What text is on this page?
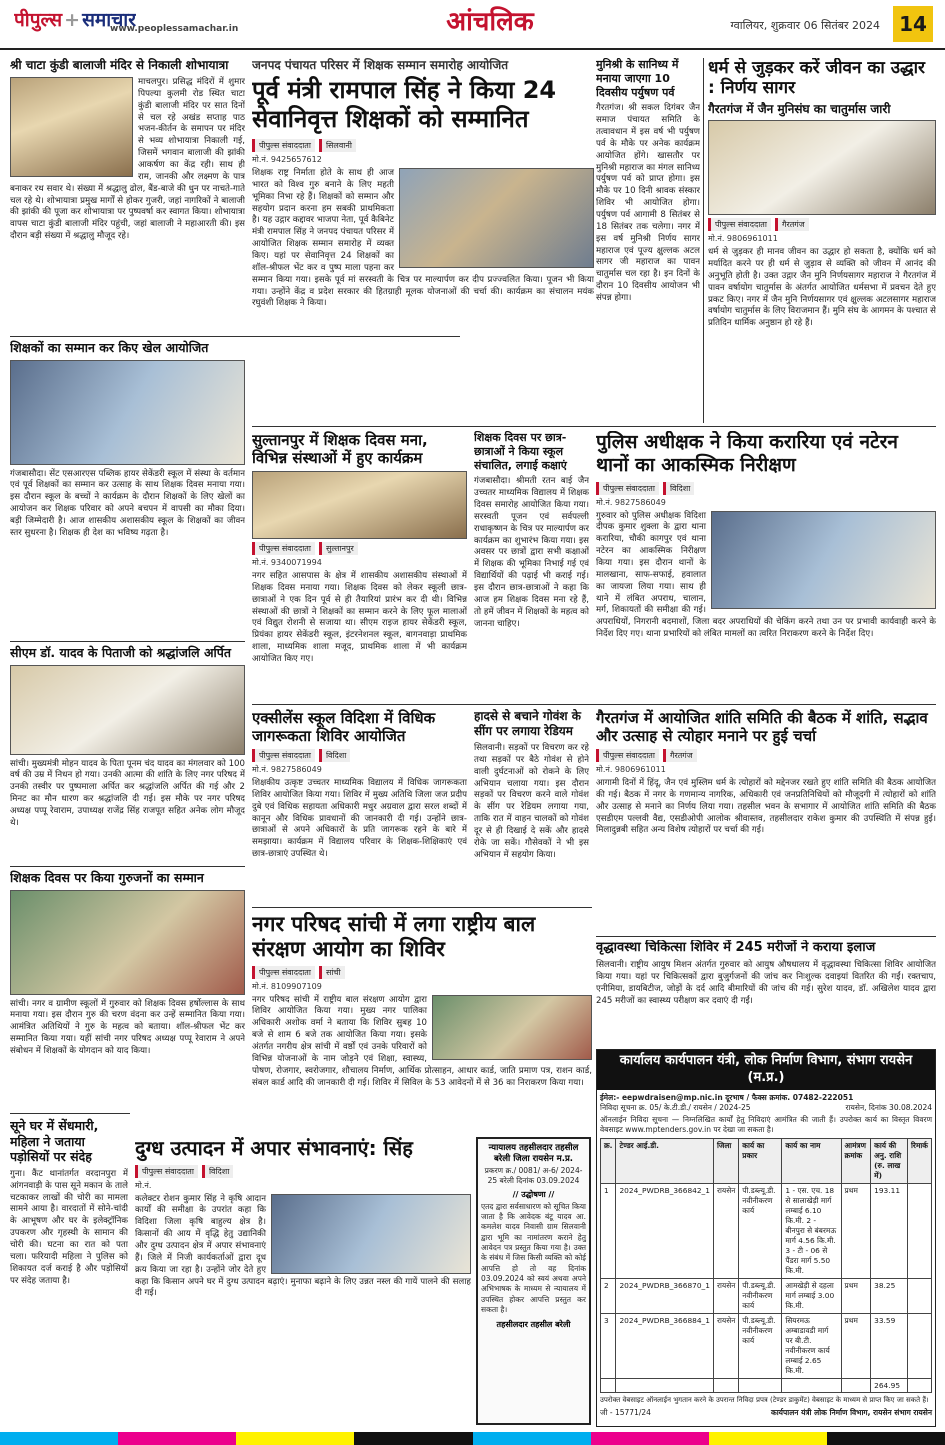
पीपुल्स + समाचार
www.peoplessamachar.in	आंचलिक	ग्वालियर, शुक्रवार 06 सितंबर 2024 14
श्री चाटा कुंडी बालाजी मंदिर से निकाली शोभायात्रा
माचलपुर। प्रसिद्ध मंदिरों में शुमार पिपल्या कुलमी रोड स्थित चाटा कुंडी बालाजी मंदिर पर सात दिनों से चल रहे अखंड सप्ताह पाठ भजन-कीर्तन के समापन पर मंदिर से भव्य शोभायात्रा निकाली गई, जिसमें भगवान बालाजी की झांकी आकर्षण का केंद्र रही। साथ ही राम, जानकी और लक्ष्मण के पात्र बनाकर रथ सवार थे। संख्या में श्रद्धालु ढोल, बैंड-बाजे की धुन पर नाचते-गाते चल रहे थे। शोभायात्रा प्रमुख मार्गों से होकर गुजरी, जहां नागरिकों ने बालाजी की झांकी की पूजा कर शोभायात्रा पर पुष्पवर्षा कर स्वागत किया। शोभायात्रा वापस चाटा कुंडी बालाजी मंदिर पहुंची, जहां बालाजी ने महाआरती की। इस दौरान बड़ी संख्या में श्रद्धालु मौजूद रहे।
शिक्षकों का सम्मान कर किए खेल आयोजित
गंजबासौदा। सेंट एसआरएस पब्लिक हायर सेकेंडरी स्कूल में संस्था के वर्तमान एवं पूर्व शिक्षकों का सम्मान कर उत्साह के साथ शिक्षक दिवस मनाया गया। इस दौरान स्कूल के बच्चों ने कार्यक्रम के दौरान शिक्षकों के लिए खेलों का आयोजन कर शिक्षक परिवार को अपने बचपन में वापसी का मौका दिया। बड़ी जिम्मेदारी है। आज शासकीय अशासकीय स्कूल के शिक्षकों का जीवन स्तर सुधरना है। शिक्षक ही देश का भविष्य गढ़ता है।
सीएम डॉ. यादव के पिताजी को श्रद्धांजलि अर्पित
सांची। मुख्यमंत्री मोहन यादव के पिता पूनम चंद यादव का मंगलवार को 100 वर्ष की उम्र में निधन हो गया। उनकी आत्मा की शांति के लिए नगर परिषद में उनकी तस्वीर पर पुष्पमाला अर्पित कर श्रद्धांजलि अर्पित की गई और 2 मिनट का मौन धारण कर श्रद्धांजलि दी गई। इस मौके पर नगर परिषद अध्यक्ष पप्पू रेवाराम, उपाध्यक्ष राजेंद्र सिंह राजपूत सहित अनेक लोग मौजूद थे।
शिक्षक दिवस पर किया गुरुजनों का सम्मान
सांची। नगर व ग्रामीण स्कूलों में गुरुवार को शिक्षक दिवस हर्षोल्लास के साथ मनाया गया। इस दौरान गुरु की चरण वंदना कर उन्हें सम्मानित किया गया। आमंत्रित अतिथियों ने गुरु के महत्व को बताया। शॉल-श्रीफल भेंट कर सम्मानित किया गया। यहीं सांची नगर परिषद अध्यक्ष पप्पू रेवाराम ने अपने संबोधन में शिक्षकों के योगदान को याद किया।
सूने घर में सेंधमारी, महिला ने जताया पड़ोसियों पर संदेह
गुना। कैंट थानांतर्गत वरदानपुरा में आंगनवाड़ी के पास सूने मकान के ताले चटकाकर लाखों की चोरी का मामला सामने आया है। वारदातों में सोने-चांदी के आभूषण और घर के इलेक्ट्रॉनिक उपकरण और गृहस्थी के सामान की चोरी की। घटना का रात को पता चला। फरियादी महिला ने पुलिस को शिकायत दर्ज कराई है और पड़ोसियों पर संदेह जताया है।
जनपद पंचायत परिसर में शिक्षक सम्मान समारोह आयोजित
पूर्व मंत्री रामपाल सिंह ने किया 24 सेवानिवृत्त शिक्षकों को सम्मानित
पीपुल्स संवाददाता सिलवानी
मो.नं. 9425657612
शिक्षक राष्ट्र निर्माता होते के साथ ही आज भारत को विश्व गुरु बनाने के लिए महती भूमिका निभा रहे हैं। शिक्षकों को सम्मान और सहयोग प्रदान करना हम सबकी प्राथमिकता है। यह उद्गार कद्दावर भाजपा नेता, पूर्व कैबिनेट मंत्री रामपाल सिंह ने जनपद पंचायत परिसर में आयोजित शिक्षक सम्मान समारोह में व्यक्त किए। यहां पर सेवानिवृत्त 24 शिक्षकों का शॉल-श्रीफल भेंट कर व पुष्प माला पहना कर सम्मान किया गया। इसके पूर्व मां सरस्वती के चित्र पर माल्यार्पण कर दीप प्रज्ज्वलित किया। पूजन भी किया गया। उन्होंने केंद्र व प्रदेश सरकार की हितग्राही मूलक योजनाओं की चर्चा की। कार्यक्रम का संचालन मयंक रघुवंशी शिक्षक ने किया।
मुनिश्री के सानिध्य में मनाया जाएगा 10 दिवसीय पर्युषण पर्व
गैरतगंज। श्री सकल दिगंबर जैन समाज पंचायत समिति के तत्वावधान में इस वर्ष भी पर्युषण पर्व के मौके पर अनेक कार्यक्रम आयोजित होंगे। खासतौर पर मुनिश्री महाराज का मंगल सानिध्य पर्युषण पर्व को प्राप्त होगा। इस मौके पर 10 दिनी श्रावक संस्कार शिविर भी आयोजित होगा। पर्युषण पर्व आगामी 8 सितंबर से 18 सितंबर तक चलेगा। नगर में इस वर्ष मुनिश्री निर्णय सागर महाराज एवं पूज्य क्षुल्लक अटल सागर जी महाराज का पावन चातुर्मास चल रहा है। इन दिनों के दौरान 10 दिवसीय आयोजन भी संपन्न होगा।
धर्म से जुड़कर करें जीवन का उद्धार : निर्णय सागर
गैरतगंज में जैन मुनिसंघ का चातुर्मास जारी
पीपुल्स संवाददाता गैरतगंज
मो.नं. 9806961011
धर्म से जुड़कर ही मानव जीवन का उद्धार हो सकता है, क्योंकि धर्म को मर्यादित करने पर ही धर्म से जुड़ाव से व्यक्ति को जीवन में आनंद की अनुभूति होती है। उक्त उद्गार जैन मुनि निर्णयसागर महाराज ने गैरतगंज में पावन वर्षायोग चातुर्मास के अंतर्गत आयोजित धर्मसभा में प्रवचन देते हुए प्रकट किए। नगर में जैन मुनि निर्णयसागर एवं क्षुल्लक अटलसागर महाराज वर्षायोग चातुर्मास के लिए विराजमान हैं। मुनि संघ के आगमन के पश्चात से प्रतिदिन धार्मिक अनुष्ठान हो रहे हैं।
सुल्तानपुर में शिक्षक दिवस मना, विभिन्न संस्थाओं में हुए कार्यक्रम
पीपुल्स संवाददाता सुल्तानपुर
मो.नं. 9340071994
नगर सहित आसपास के क्षेत्र में शासकीय अशासकीय संस्थाओं में शिक्षक दिवस मनाया गया। शिक्षक दिवस को लेकर स्कूली छात्र-छात्राओं ने एक दिन पूर्व से ही तैयारियां प्रारंभ कर दी थी। विभिन्न संस्थाओं की छात्रों ने शिक्षकों का सम्मान करने के लिए फूल मालाओं एवं विद्युत रोशनी से सजाया था। सीएम राइज हायर सेकेंडरी स्कूल, प्रियंका हायर सेकेंडरी स्कूल, इंटरनेशनल स्कूल, बागनवाड़ा प्राथमिक शाला, माध्यमिक शाला मजूद, प्राथमिक शाला में भी कार्यक्रम आयोजित किए गए।
शिक्षक दिवस पर छात्र-छात्राओं ने किया स्कूल संचालित, लगाई कक्षाएं
गंजबासौदा। श्रीमती रतन बाई जैन उच्चतर माध्यमिक विद्यालय में शिक्षक दिवस समारोह आयोजित किया गया। सरस्वती पूजन एवं सर्वपल्ली राधाकृष्णन के चित्र पर माल्यार्पण कर कार्यक्रम का शुभारंभ किया गया। इस अवसर पर छात्रों द्वारा सभी कक्षाओं में शिक्षक की भूमिका निभाई गई एवं विद्यार्थियों की पढ़ाई भी कराई गई। इस दौरान छात्र-छात्राओं ने कहा कि आज हम शिक्षक दिवस मना रहे हैं, तो हमें जीवन में शिक्षकों के महत्व को जानना चाहिए।
पुलिस अधीक्षक ने किया करारिया एवं नटेरन थानों का आकस्मिक निरीक्षण
पीपुल्स संवाददाता विदिशा
मो.नं. 9827586049
गुरुवार को पुलिस अधीक्षक विदिशा दीपक कुमार शुक्ला के द्वारा थाना करारिया, चौकी कागपुर एवं थाना नटेरन का आकस्मिक निरीक्षण किया गया। इस दौरान थानों के मालखाना, साफ-सफाई, हवालात का जायजा लिया गया। साथ ही थाने में लंबित अपराध, चालान, मर्ग, शिकायतों की समीक्षा की गई। अपराधियों, निगरानी बदमाशों, जिला बदर अपराधियों की चेकिंग करने तथा उन पर प्रभावी कार्यवाही करने के निर्देश दिए गए। थाना प्रभारियों को लंबित मामलों का त्वरित निराकरण करने के निर्देश दिए।
एक्सीलेंस स्कूल विदिशा में विधिक जागरूकता शिविर आयोजित
पीपुल्स संवाददाता विदिशा
मो.नं. 9827586049
शिक्षकीय उत्कृष्ट उच्चतर माध्यमिक विद्यालय में विधिक जागरूकता शिविर आयोजित किया गया। शिविर में मुख्य अतिथि जिला जज प्रदीप दुबे एवं विधिक सहायता अधिकारी मधुर अग्रवाल द्वारा सरल शब्दों में कानून और विधिक प्रावधानों की जानकारी दी गई। उन्होंने छात्र-छात्राओं से अपने अधिकारों के प्रति जागरूक रहने के बारे में समझाया। कार्यक्रम में विद्यालय परिवार के शिक्षक-शिक्षिकाएं एवं छात्र-छात्राएं उपस्थित थे।
हादसे से बचाने गोवंश के सींग पर लगाया रेडियम
सिलवानी। सड़कों पर विचरण कर रहे तथा सड़कों पर बैठे गोवंश से होने वाली दुर्घटनाओं को रोकने के लिए अभियान चलाया गया। इस दौरान सड़कों पर विचरण करने वाले गोवंश के सींग पर रेडियम लगाया गया, ताकि रात में वाहन चालकों को गोवंश दूर से ही दिखाई दे सकें और हादसे रोके जा सकें। गौसेवकों ने भी इस अभियान में सहयोग किया।
गैरतगंज में आयोजित शांति समिति की बैठक में शांति, सद्भाव और उत्साह से त्योहार मनाने पर हुई चर्चा
पीपुल्स संवाददाता गैरतगंज
मो.नं. 9806961011
आगामी दिनों में हिंदू, जैन एवं मुस्लिम धर्म के त्योहारों को मद्देनजर रखते हुए शांति समिति की बैठक आयोजित की गई। बैठक में नगर के गणमान्य नागरिक, अधिकारी एवं जनप्रतिनिधियों को मौजूदगी में त्योहारों को शांति और उत्साह से मनाने का निर्णय लिया गया। तहसील भवन के सभागार में आयोजित शांति समिति की बैठक एसडीएम पल्लवी वैद्य, एसडीओपी आलोक श्रीवास्तव, तहसीलदार राकेश कुमार की उपस्थिति में संपन्न हुई। मिलादुन्नबी सहित अन्य विशेष त्योहारों पर चर्चा की गई।
वृद्धावस्था चिकित्सा शिविर में 245 मरीजों ने कराया इलाज
सिलवानी। राष्ट्रीय आयुष मिशन अंतर्गत गुरुवार को आयुष औषधालय में वृद्धावस्था चिकित्सा शिविर आयोजित किया गया। यहां पर चिकित्सकों द्वारा बुजुर्गजनों की जांच कर निःशुल्क दवाइयां वितरित की गईं। रक्तचाप, एनीमिया, डायबिटीज, जोड़ों के दर्द आदि बीमारियों की जांच की गई। सुरेश यादव, डॉ. अखिलेश यादव द्वारा 245 मरीजों का स्वास्थ्य परीक्षण कर दवाएं दी गईं।
नगर परिषद सांची में लगा राष्ट्रीय बाल संरक्षण आयोग का शिविर
पीपुल्स संवाददाता सांची
मो.नं. 8109907109
नगर परिषद सांची में राष्ट्रीय बाल संरक्षण आयोग द्वारा शिविर आयोजित किया गया। मुख्य नगर पालिका अधिकारी अशोक वर्मा ने बताया कि शिविर सुबह 10 बजे से शाम 6 बजे तक आयोजित किया गया। इसके अंतर्गत नगरीय क्षेत्र सांची में वर्ष्ठों एवं उनके परिवारों को विभिन्न योजनाओं के नाम जोड़ने एवं शिक्षा, स्वास्थ्य, पोषण, रोजगार, स्वरोजगार, शौचालय निर्माण, आर्थिक प्रोत्साहन, आधार कार्ड, जाति प्रमाण पत्र, राशन कार्ड, संबल कार्ड आदि की जानकारी दी गई। शिविर में सिविल के 53 आवेदनों में से 36 का निराकरण किया गया।
न्यायालय तहसीलदार तहसील बरेली जिला रायसेन म.प्र.
प्रकरण क्र./ 0081/ अ-6/ 2024-25 बरेली दिनांक 03.09.2024
// उद्घोषणा //
एतद द्वारा सर्वसाधारण को सूचित किया जाता है कि आवेदक बंटू यादव आ. कमलेश यादव निवासी ग्राम सिलवानी द्वारा भूमि का नामांतरण कराने हेतु आवेदन पत्र प्रस्तुत किया गया है। उक्त के संबंध में जिस किसी व्यक्ति को कोई आपत्ति हो तो वह दिनांक 03.09.2024 को स्वयं अथवा अपने अभिभाषक के माध्यम से न्यायालय में उपस्थित होकर आपत्ति प्रस्तुत कर सकता है।
तहसीलदार तहसील बरेली
दुग्ध उत्पादन में अपार संभावनाएं: सिंह
पीपुल्स संवाददाता विदिशा
मो.नं.
कलेक्टर रोशन कुमार सिंह ने कृषि आदान कार्यों की समीक्षा के उपरांत कहा कि विदिशा जिला कृषि बाहुल्य क्षेत्र है। किसानों की आय में वृद्धि हेतु उद्यानिकी और दुग्ध उत्पादन क्षेत्र में अपार संभावनाएं हैं। जिले में निजी कार्यकर्ताओं द्वारा दूध क्रय किया जा रहा है। उन्होंने जोर देते हुए कहा कि किसान अपने घर में दुग्ध उत्पादन बढ़ाएं। मुनाफा बढ़ाने के लिए उन्नत नस्ल की गायें पालने की सलाह दी गई।
कार्यालय कार्यपालन यंत्री, लोक निर्माण विभाग, संभाग रायसेन (म.प्र.)
ईमेल:- eepwdraisen@mp.nic.in दूरभाष / फैक्स क्रमांक. 07482-222051
निविदा सूचना क्र. 05/ के.टी.डी./ रायसेन / 2024-25	रायसेन, दिनांक 30.08.2024
ऑनलाईन निविदा सूचना — निम्नलिखित कार्यों हेतु निविदाएं आमंत्रित की जाती हैं। उपरोक्त कार्य का विस्तृत विवरण वेबसाइट www.mptenders.gov.in पर देखा जा सकता है।
क्र.	टेण्डर आई.डी.	जिला	कार्य का प्रकार	कार्य का नाम	आमंत्रण क्रमांक	कार्य की अनु. राशि (रु. लाख में)	रिमार्क
1	2024_PWDRB_366842_1	रायसेन	पी.डब्ल्यू.डी. नवीनीकरण कार्य	1 - एस. एच. 18 से सालाखेड़ी मार्ग लम्बाई 6.10 कि.मी. 2 - बीनपुरा से बंबरमऊ मार्ग 4.56 कि.मी. 3 - टी - 06 से पैंडरा मार्ग 5.50 कि.मी.	प्रथम	193.11	
2	2024_PWDRB_366870_1	रायसेन	पी.डब्ल्यू.डी. नवीनीकरण कार्य	आमखेड़ी से दहला मार्ग लम्बाई 3.00 कि.मी.	प्रथम	38.25	
3	2024_PWDRB_366884_1	रायसेन	पी.डब्ल्यू.डी. नवीनीकरण कार्य	सियरमऊ अम्बाडावडी मार्ग पर बी.टी. नवीनीकरण कार्य लम्बाई 2.65 कि.मी.	प्रथम	33.59	
						264.95	
उपरोक्त वेबसाइट ऑनलाईन भुगतान करने के उपरान्त निविदा प्रपत्र (टेण्डर डाकुमेंट) वेबसाइट के माध्यम से प्राप्त किए जा सकते हैं।
जी - 15771/24	कार्यपालन यंत्री लोक निर्माण विभाग, रायसेन संभाग रायसेन
